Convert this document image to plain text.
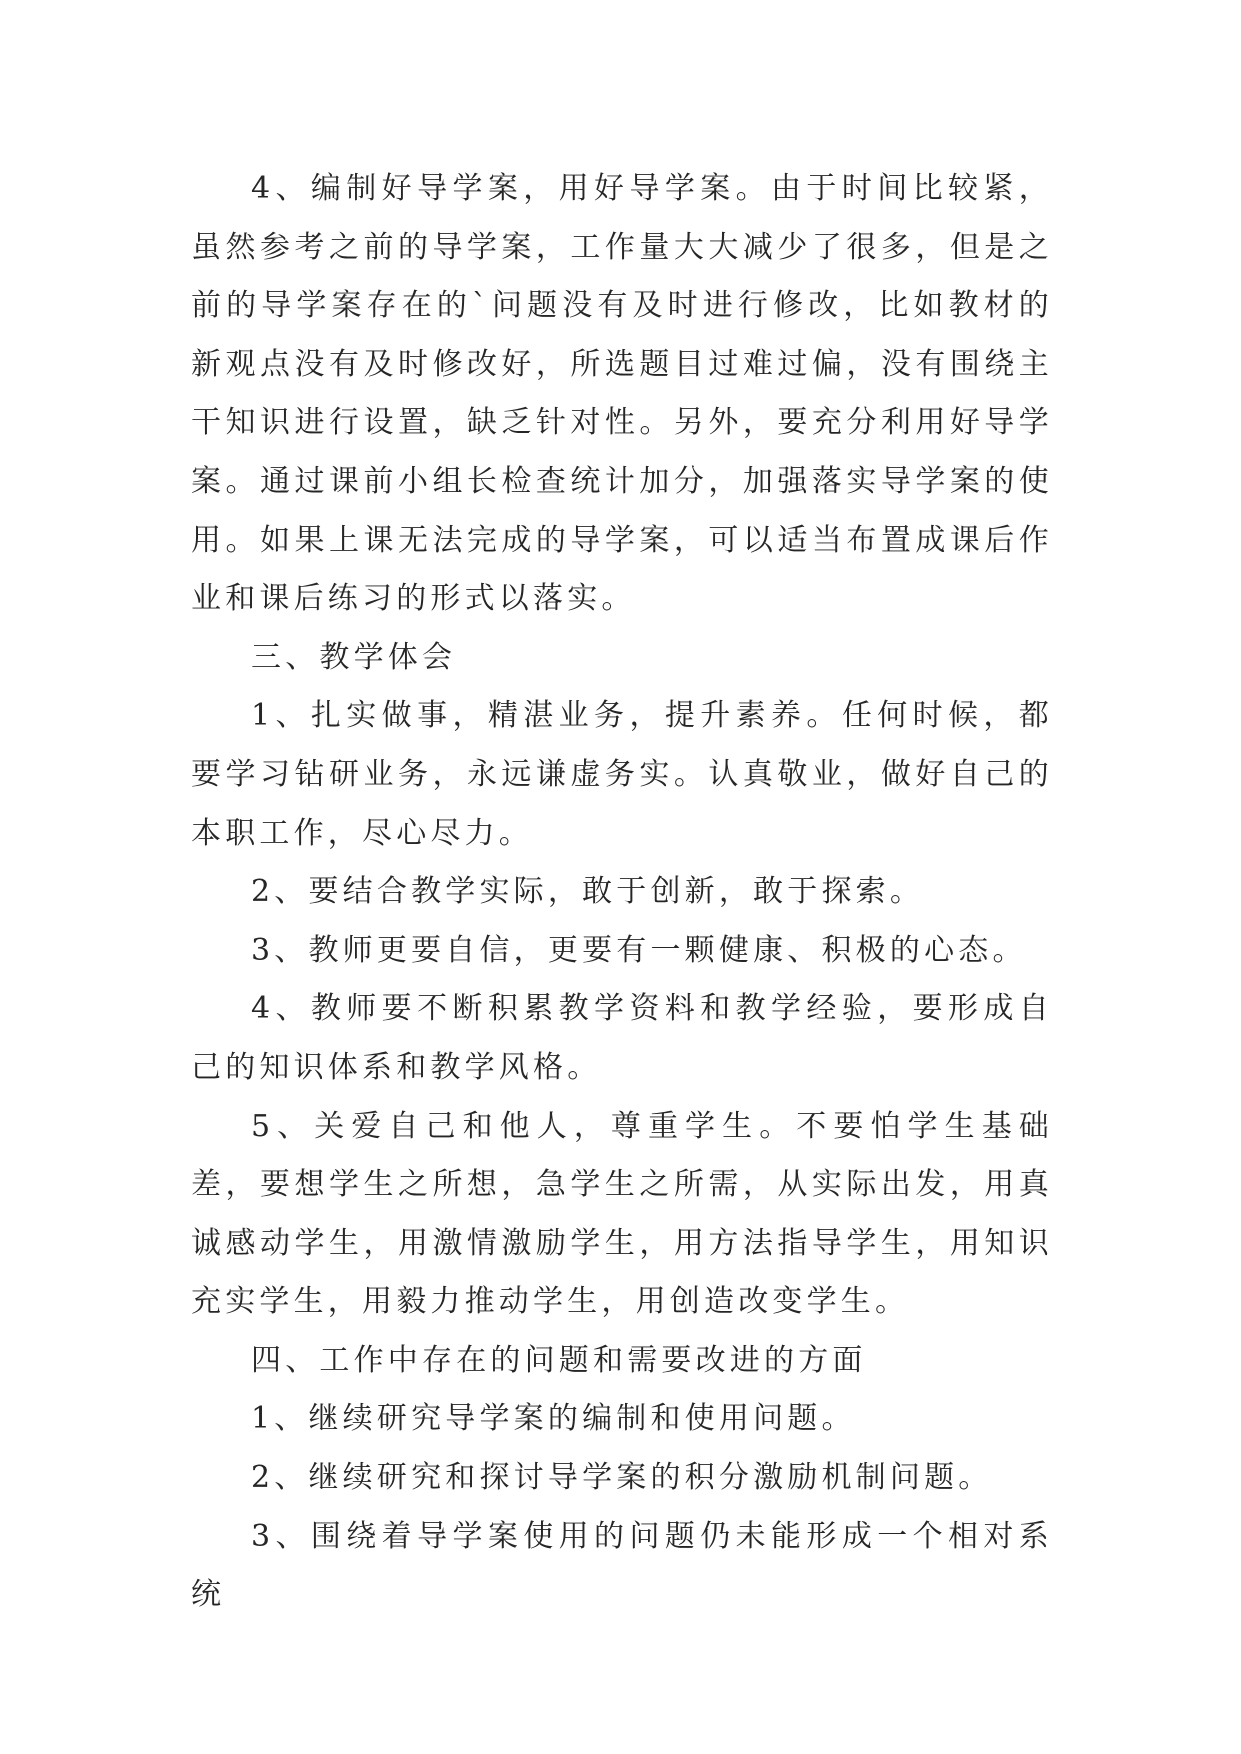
4、编制好导学案，用好导学案。由于时间比较紧，虽然参考之前的导学案，工作量大大减少了很多，但是之前的导学案存在的`问题没有及时进行修改，比如教材的新观点没有及时修改好，所选题目过难过偏，没有围绕主干知识进行设置，缺乏针对性。另外，要充分利用好导学案。通过课前小组长检查统计加分，加强落实导学案的使用。如果上课无法完成的导学案，可以适当布置成课后作业和课后练习的形式以落实。

三、教学体会

1、扎实做事，精湛业务，提升素养。任何时候，都要学习钻研业务，永远谦虚务实。认真敬业，做好自己的本职工作，尽心尽力。

2、要结合教学实际，敢于创新，敢于探索。

3、教师更要自信，更要有一颗健康、积极的心态。

4、教师要不断积累教学资料和教学经验，要形成自己的知识体系和教学风格。

5、关爱自己和他人，尊重学生。不要怕学生基础差，要想学生之所想，急学生之所需，从实际出发，用真诚感动学生，用激情激励学生，用方法指导学生，用知识充实学生，用毅力推动学生，用创造改变学生。

四、工作中存在的问题和需要改进的方面

1、继续研究导学案的编制和使用问题。

2、继续研究和探讨导学案的积分激励机制问题。

3、围绕着导学案使用的问题仍未能形成一个相对系统
